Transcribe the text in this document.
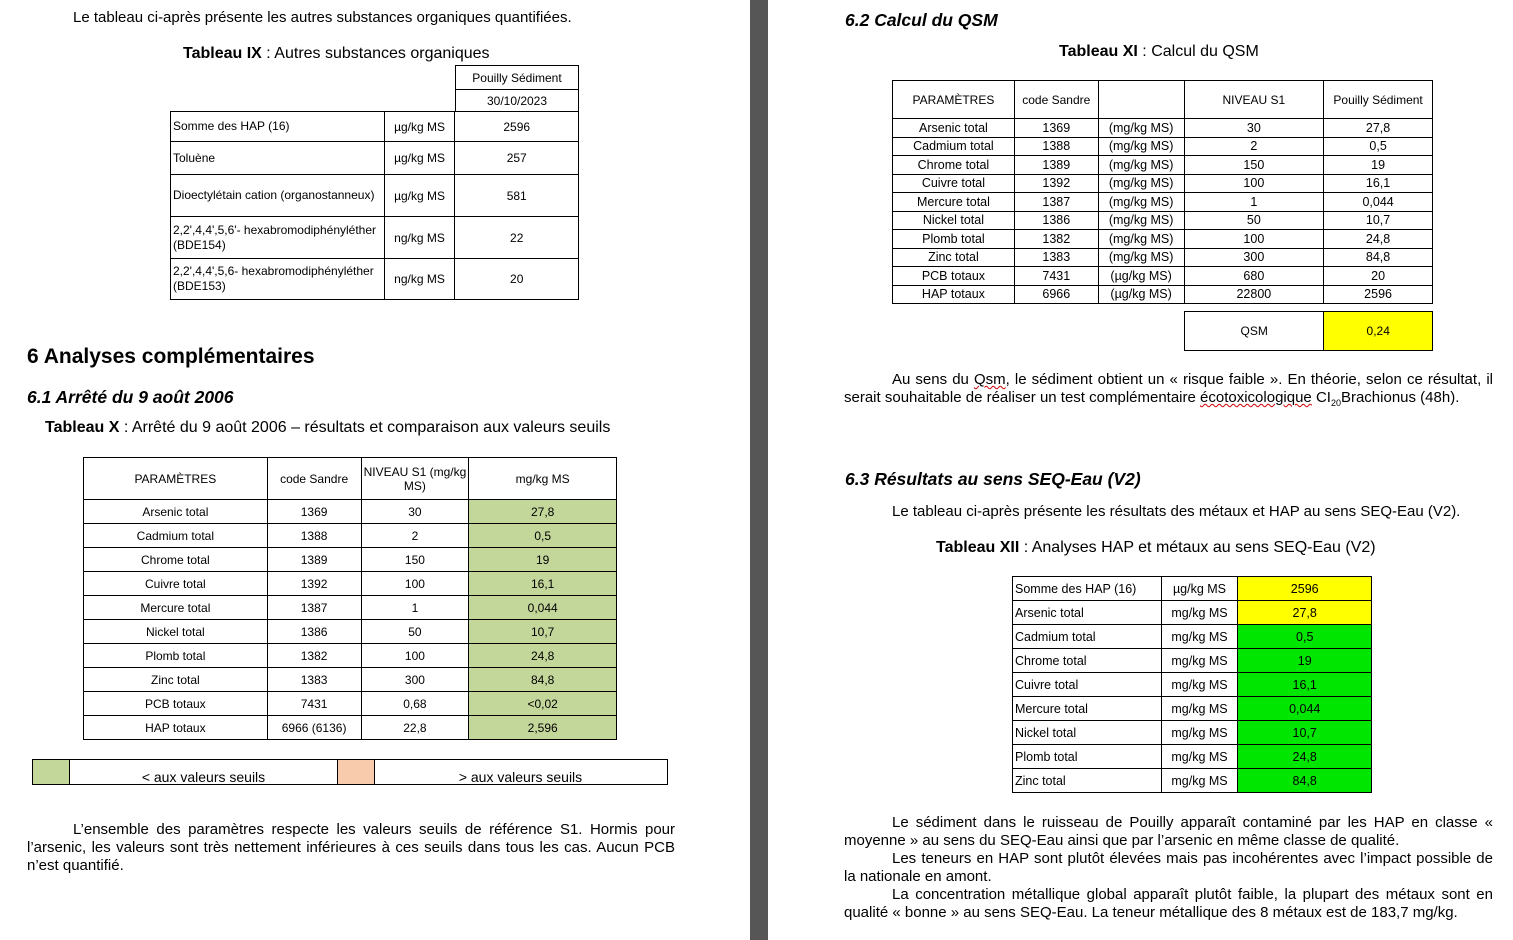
Le tableau ci-après présente les autres substances organiques quantifiées.
Tableau IX : Autres substances organiques
Pouilly Sédiment
30/10/2023
Somme des HAP (16)	µg/kg MS	2596
Toluène	µg/kg MS	257
Dioectylétain cation (organostanneux)	µg/kg MS	581
2,2',4,4',5,6'- hexabromodiphényléther (BDE154)	ng/kg MS	22
2,2',4,4',5,6- hexabromodiphényléther (BDE153)	ng/kg MS	20
6 Analyses complémentaires
6.1 Arrêté du 9 août 2006
Tableau X : Arrêté du 9 août 2006 – résultats et comparaison aux valeurs seuils
PARAMÈTRES	code Sandre	NIVEAU S1 (mg/kg MS)	mg/kg MS
Arsenic total	1369	30	27,8
Cadmium total	1388	2	0,5
Chrome total	1389	150	19
Cuivre total	1392	100	16,1
Mercure total	1387	1	0,044
Nickel total	1386	50	10,7
Plomb total	1382	100	24,8
Zinc total	1383	300	84,8
PCB totaux	7431	0,68	<0,02
HAP totaux	6966 (6136)	22,8	2,596
< aux valeurs seuils	> aux valeurs seuils
L’ensemble des paramètres respecte les valeurs seuils de référence S1. Hormis pour l’arsenic, les valeurs sont très nettement inférieures à ces seuils dans tous les cas. Aucun PCB n’est quantifié.
6.2 Calcul du QSM
Tableau XI : Calcul du QSM
PARAMÈTRES	code Sandre		NIVEAU S1	Pouilly Sédiment
Arsenic total	1369	(mg/kg MS)	30	27,8
Cadmium total	1388	(mg/kg MS)	2	0,5
Chrome total	1389	(mg/kg MS)	150	19
Cuivre total	1392	(mg/kg MS)	100	16,1
Mercure total	1387	(mg/kg MS)	1	0,044
Nickel total	1386	(mg/kg MS)	50	10,7
Plomb total	1382	(mg/kg MS)	100	24,8
Zinc total	1383	(mg/kg MS)	300	84,8
PCB totaux	7431	(µg/kg MS)	680	20
HAP totaux	6966	(µg/kg MS)	22800	2596
QSM	0,24
Au sens du Qsm, le sédiment obtient un « risque faible ». En théorie, selon ce résultat, il serait souhaitable de réaliser un test complémentaire écotoxicologique $CI_{20}Brachionus$ (48h).
6.3 Résultats au sens SEQ-Eau (V2)
Le tableau ci-après présente les résultats des métaux et HAP au sens SEQ-Eau (V2).
Tableau XII : Analyses HAP et métaux au sens SEQ-Eau (V2)
Somme des HAP (16)	µg/kg MS	2596
Arsenic total	mg/kg MS	27,8
Cadmium total	mg/kg MS	0,5
Chrome total	mg/kg MS	19
Cuivre total	mg/kg MS	16,1
Mercure total	mg/kg MS	0,044
Nickel total	mg/kg MS	10,7
Plomb total	mg/kg MS	24,8
Zinc total	mg/kg MS	84,8
Le sédiment dans le ruisseau de Pouilly apparaît contaminé par les HAP en classe « moyenne » au sens du SEQ-Eau ainsi que par l’arsenic en même classe de qualité.
Les teneurs en HAP sont plutôt élevées mais pas incohérentes avec l’impact possible de la nationale en amont.
La concentration métallique global apparaît plutôt faible, la plupart des métaux sont en qualité « bonne » au sens SEQ-Eau. La teneur métallique des 8 métaux est de 183,7 mg/kg.
